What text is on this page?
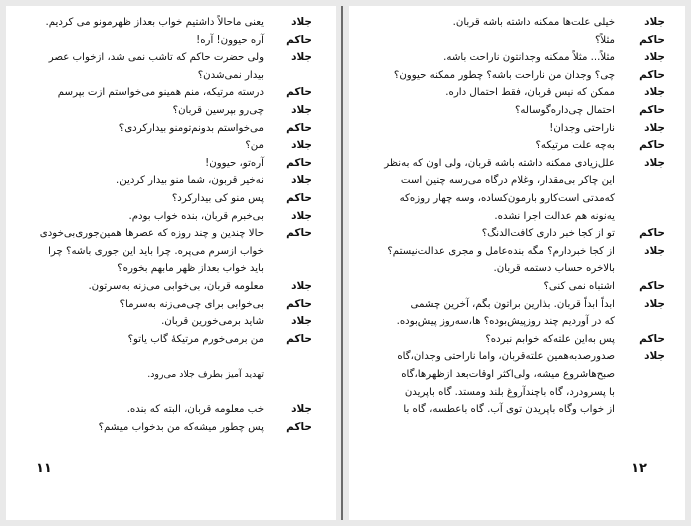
جلاد
یعنی ماحالاً داشتیم خواب بعداز ظهرمونو می کردیم.
حاکم
آره حیوون! آره!
جلاد
ولی حضرت حاکم که تاشب نمی شد، ازخواب عصر
بیدار نمی‌شدن؟
حاکم
درسته مرتیکه، منم همینو می‌خواستم ازت بپرسم
جلاد
چی‌رو بپرسین قربان؟
حاکم
می‌خواستم بدونم‌تومنو بیدارکردی؟
جلاد
من؟
حاکم
آره‌تو، حیوون!
جلاد
نه‌خیر قربون، شما منو بیدار کردین.
حاکم
پس منو کی بیدارکرد؟
جلاد
بی‌خبرم قربان، بنده خواب بودم.
حاکم
حالا چندین و چند روزه که عصرها همین‌جوری‌بی‌خودی
خواب ازسرم می‌پره. چرا باید این جوری باشه؟ چرا
باید خواب بعداز ظهر مابهم بخوره؟
جلاد
معلومه قربان، بی‌خوابی می‌زنه به‌سرتون.
حاکم
بی‌خوابی برای چی‌می‌زنه به‌سرما؟
جلاد
شاید برمی‌خورین قربان.
حاکم
من برمی‌خورم مرتیکهٔ گاب یاتو؟
تهدید آمیز بطرف جلاد می‌رود.
جلاد
خب معلومه قربان، البته که بنده.
حاکم
پس چطور میشه‌که من بدخواب میشم؟
۱۱
جلاد
خیلی علت‌ها ممکنه داشته باشه قربان.
حاکم
مثلاً؟
جلاد
مثلاً... مثلاً ممکنه وجدانتون ناراحت باشه.
حاکم
چی؟ وجدان من ناراحت باشه؟ چطور ممکنه حیوون؟
جلاد
ممکن که نیس قربان، فقط احتمال داره.
حاکم
احتمال چی‌داره‌گوساله؟
جلاد
ناراحتی وجدان!
حاکم
به‌چه علت مرتیکه؟
جلاد
علل‌زیادی ممکنه داشته باشه قربان، ولی اون که به‌نظر
این چاکر بی‌مقدار، وغلام درگاه می‌رسه چنین است
که‌مدتی است‌کارو بارمون‌کساده، وسه چهار روزه‌که
یه‌نونه هم عدالت اجرا نشده.
حاکم
تو از کجا خبر داری کافت‌الدنگ؟
جلاد
از کجا خبردارم؟ مگه بنده‌عامل و مجری عدالت‌نیستم؟
بالاخره حساب دستمه قربان.
حاکم
اشتباه نمی کنی؟
جلاد
ابداً ابداً قربان. بذارین براتون بگم، آخرین چشمی
که در آوردیم چند روزپیش‌بوده؟ ها،‌سه‌روز پیش‌بوده.
حاکم
پس به‌این علته‌که خوابم نبرده؟
جلاد
صدورصدبه‌همین علته‌قربان، واما ناراحتی وجدان،گاه
صبح‌هاشروع میشه، ولی‌اکثر اوقات‌بعد ازظهرها،گاه
با پسرودرد، گاه باچندآروغ بلند ومستد. گاه باپریدن
از خواب وگاه باپریدن توی آب. گاه باعطسه، گاه با
۱۲
